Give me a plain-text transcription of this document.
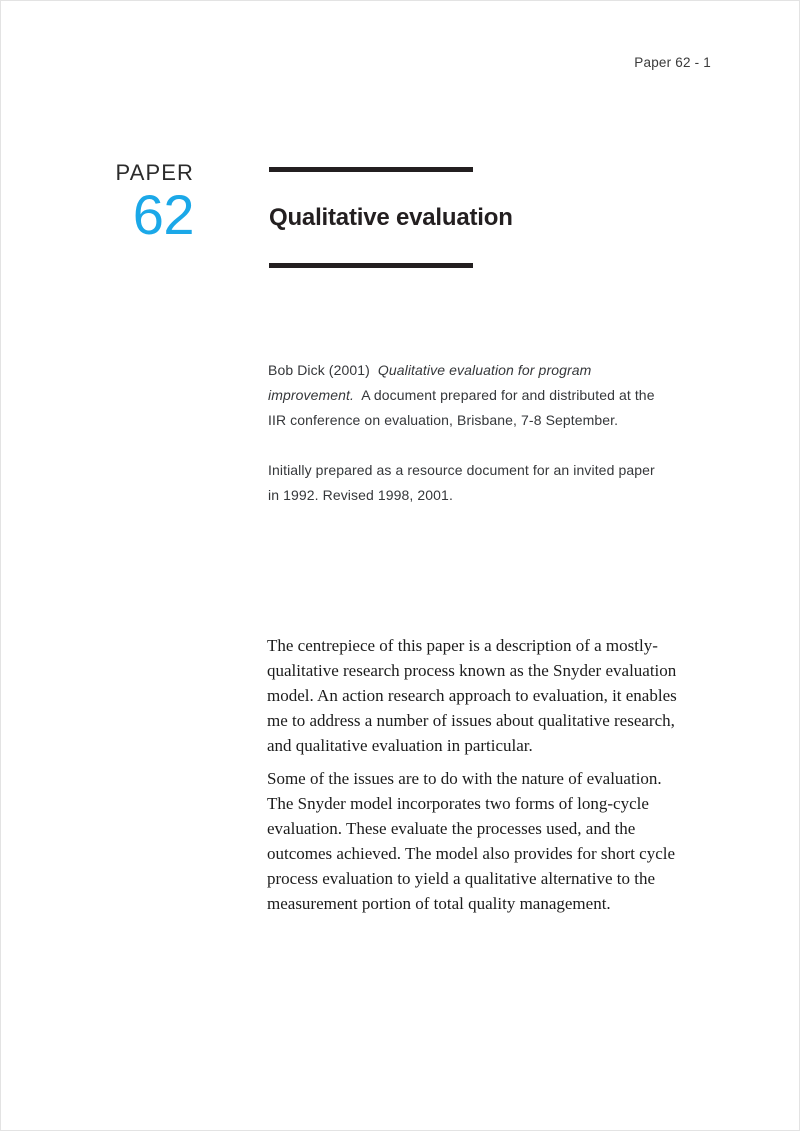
Paper 62 - 1
PAPER
62	Qualitative evaluation

Bob Dick (2001) Qualitative evaluation for program improvement. A document prepared for and distributed at the IIR conference on evaluation, Brisbane, 7-8 September.

Initially prepared as a resource document for an invited paper in 1992. Revised 1998, 2001.

The centrepiece of this paper is a description of a mostly-qualitative research process known as the Snyder evaluation model. An action research approach to evaluation, it enables me to address a number of issues about qualitative research, and qualitative evaluation in particular.

Some of the issues are to do with the nature of evaluation. The Snyder model incorporates two forms of long-cycle evaluation. These evaluate the processes used, and the outcomes achieved. The model also provides for short cycle process evaluation to yield a qualitative alternative to the measurement portion of total quality management.
